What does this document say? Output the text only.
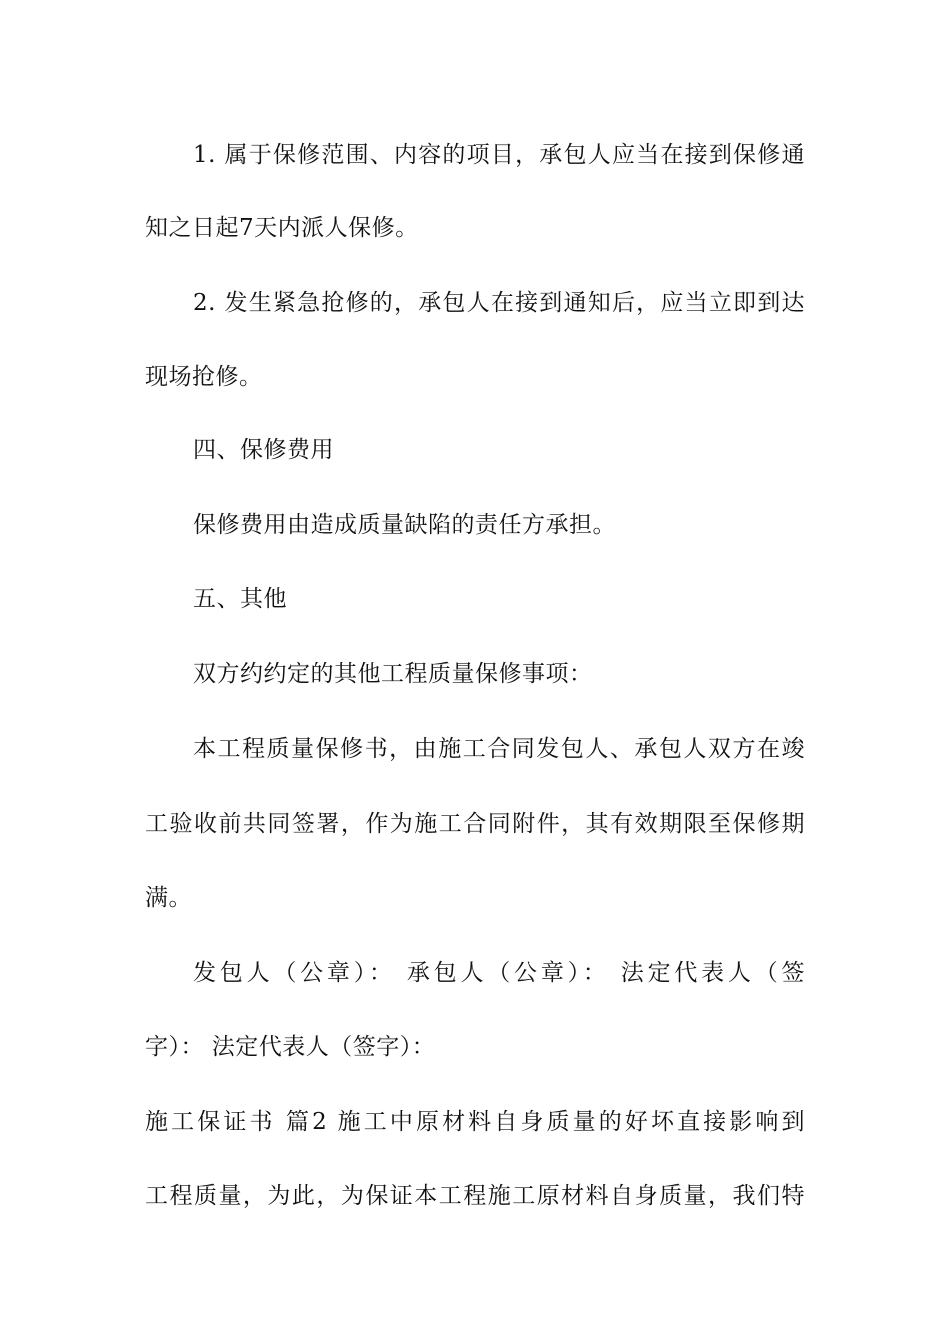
1. 属于保修范围、内容的项目，承包人应当在接到保修通
知之日起7天内派人保修。
2. 发生紧急抢修的，承包人在接到通知后，应当立即到达
现场抢修。
四、保修费用
保修费用由造成质量缺陷的责任方承担。
五、其他
双方约约定的其他工程质量保修事项：
本工程质量保修书，由施工合同发包人、承包人双方在竣
工验收前共同签署，作为施工合同附件，其有效期限至保修期
满。
发包人（公章）： 承包人（公章）： 法定代表人（签
字）： 法定代表人（签字）：
施工保证书 篇2 施工中原材料自身质量的好坏直接影响到
工程质量，为此，为保证本工程施工原材料自身质量，我们特
